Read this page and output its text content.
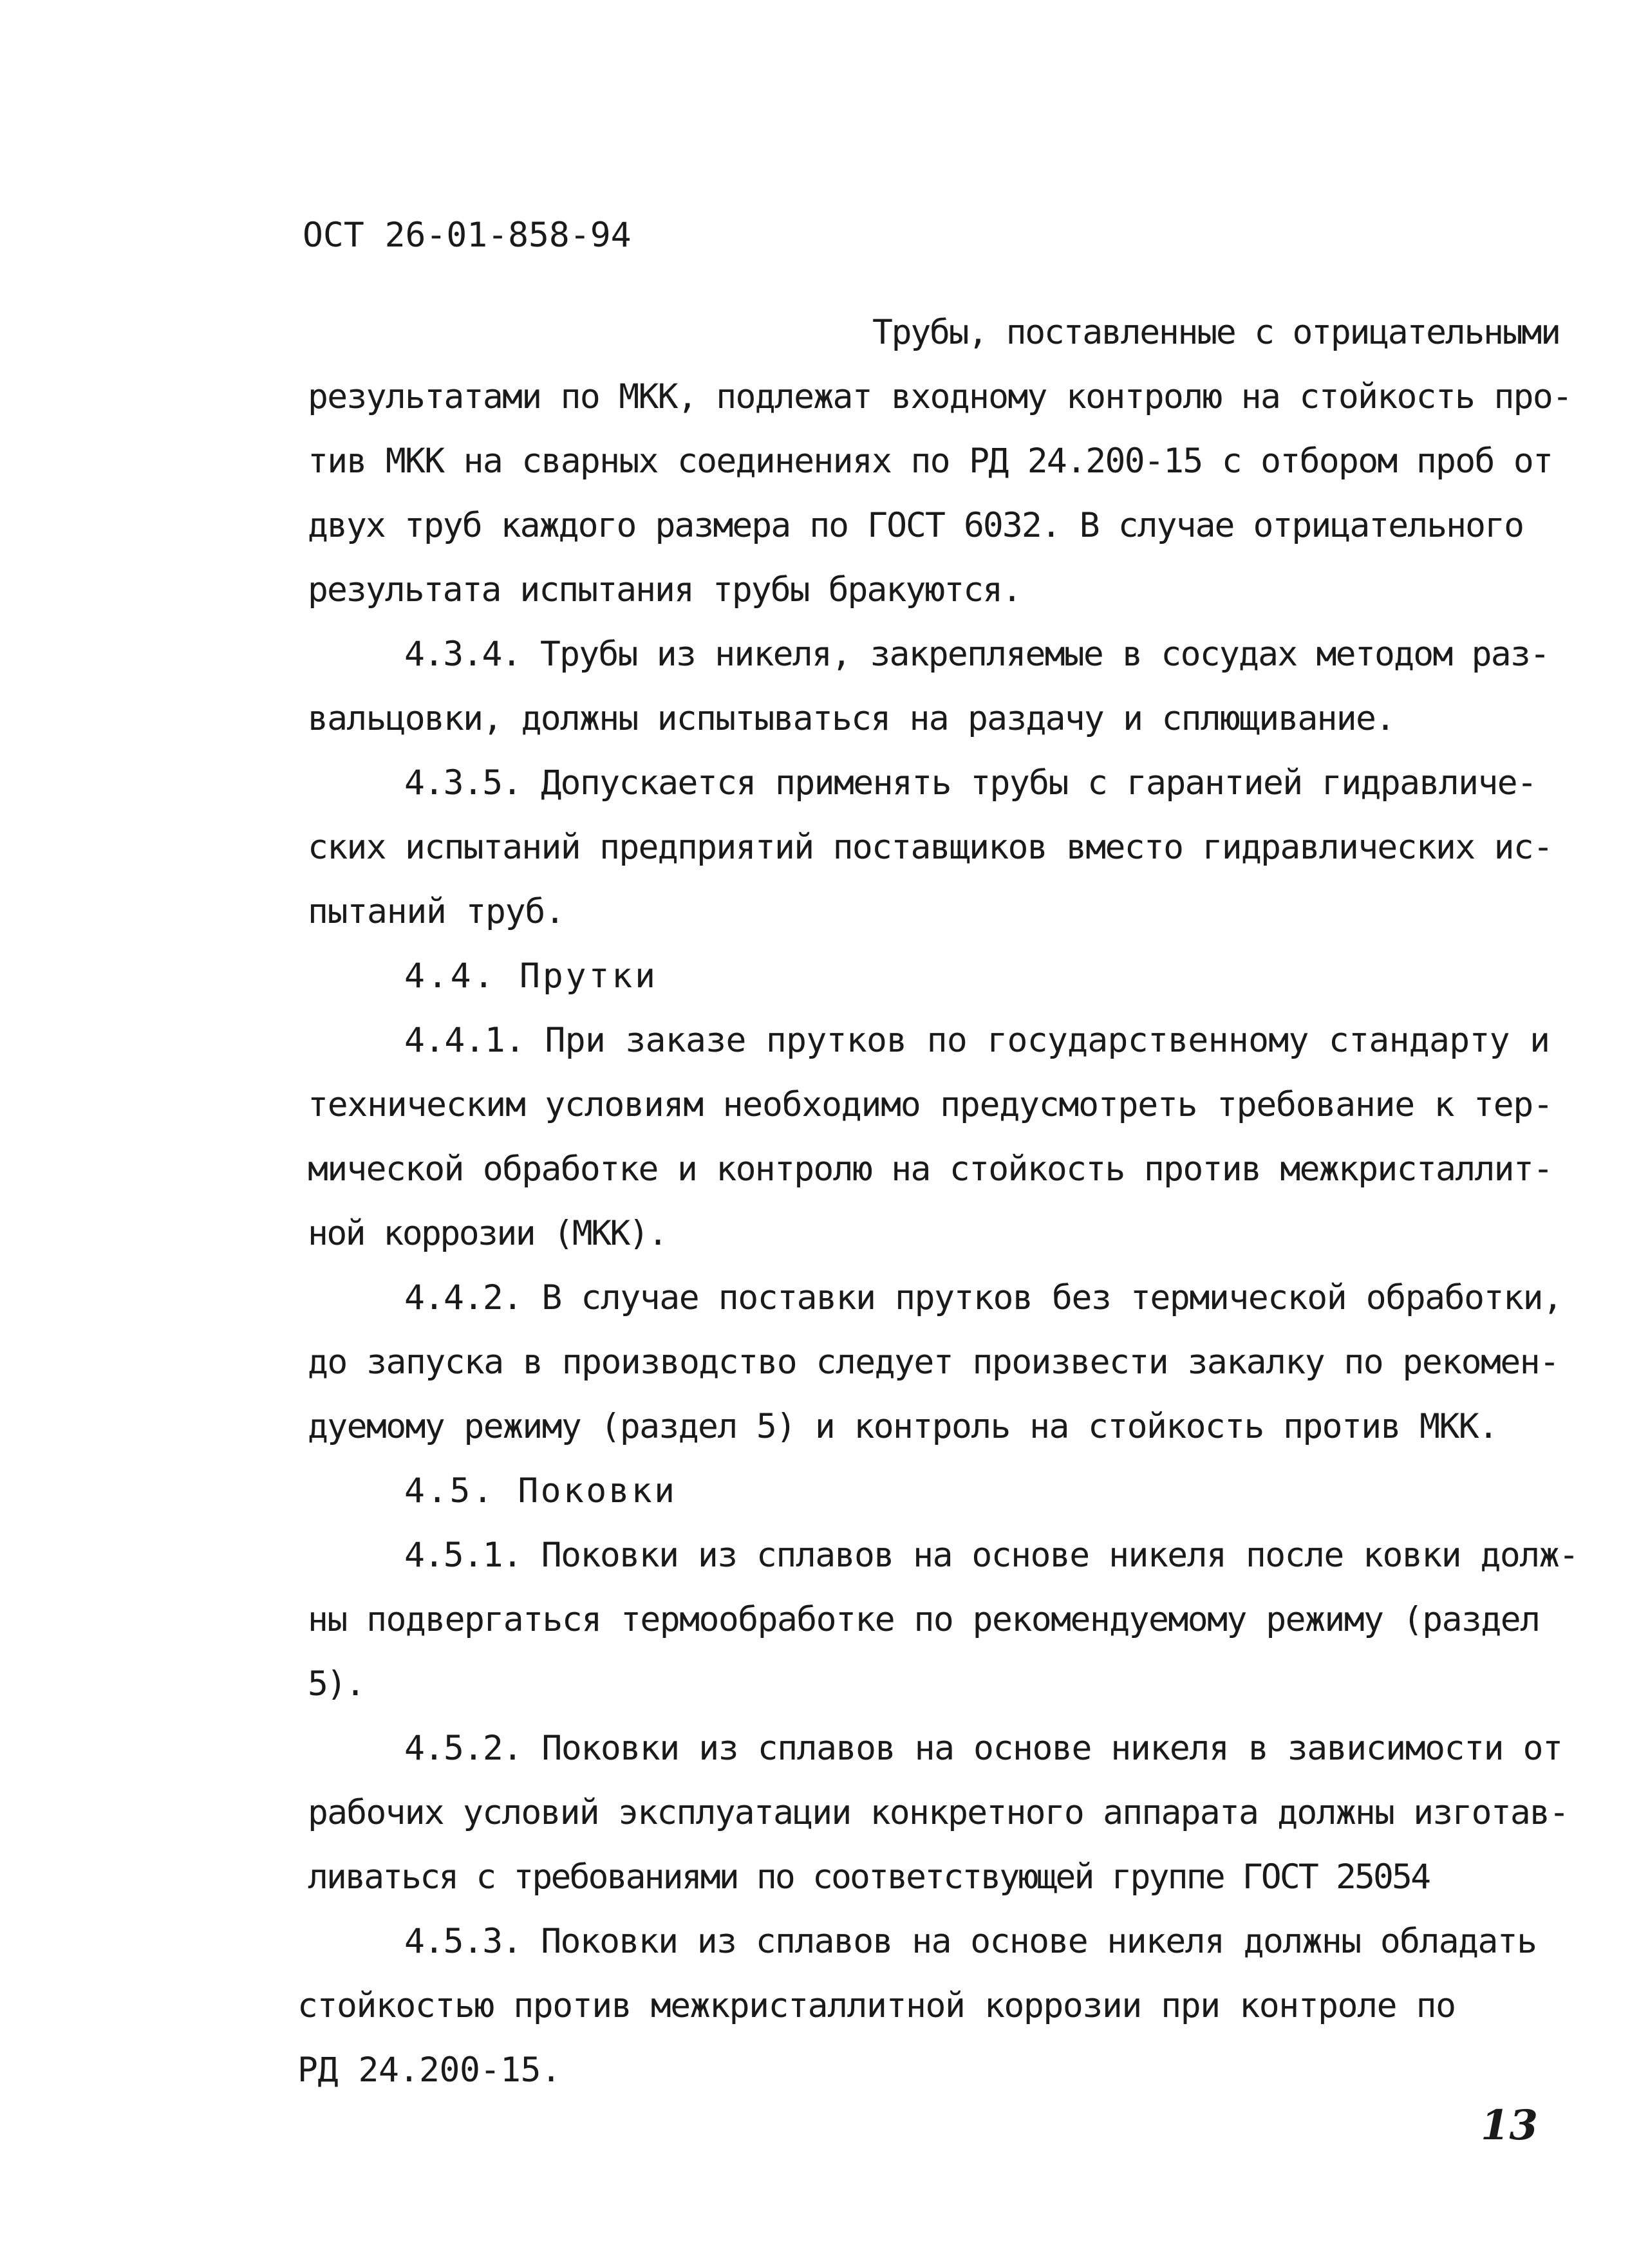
ОСТ 26-01-858-94
Трубы, поставленные с отрицательными
результатами по МКК, подлежат входному контролю на стойкость про-
тив МКК на сварных соединениях по РД 24.200-15 с отбором проб от
двух труб каждого размера по ГОСТ 6032. В случае отрицательного
результата испытания трубы бракуются.
4.3.4. Трубы из никеля, закрепляемые в сосудах методом раз-
вальцовки, должны испытываться на раздачу и сплющивание.
4.3.5. Допускается применять трубы с гарантией гидравличе-
ских испытаний предприятий поставщиков вместо гидравлических ис-
пытаний труб.
4.4. Прутки
4.4.1. При заказе прутков по государственному стандарту и
техническим условиям необходимо предусмотреть требование к тер-
мической обработке и контролю на стойкость против межкристаллит-
ной коррозии (МКК).
4.4.2. В случае поставки прутков без термической обработки,
до запуска в производство следует произвести закалку по рекомен-
дуемому режиму (раздел 5) и контроль на стойкость против МКК.
4.5. Поковки
4.5.1. Поковки из сплавов на основе никеля после ковки долж-
ны подвергаться термообработке по рекомендуемому режиму (раздел
5).
4.5.2. Поковки из сплавов на основе никеля в зависимости от
рабочих условий эксплуатации конкретного аппарата должны изготав-
ливаться с требованиями по соответствующей группе ГОСТ 25054
4.5.3. Поковки из сплавов на основе никеля должны обладать
стойкостью против межкристаллитной коррозии при контроле по
РД 24.200-15.
13
